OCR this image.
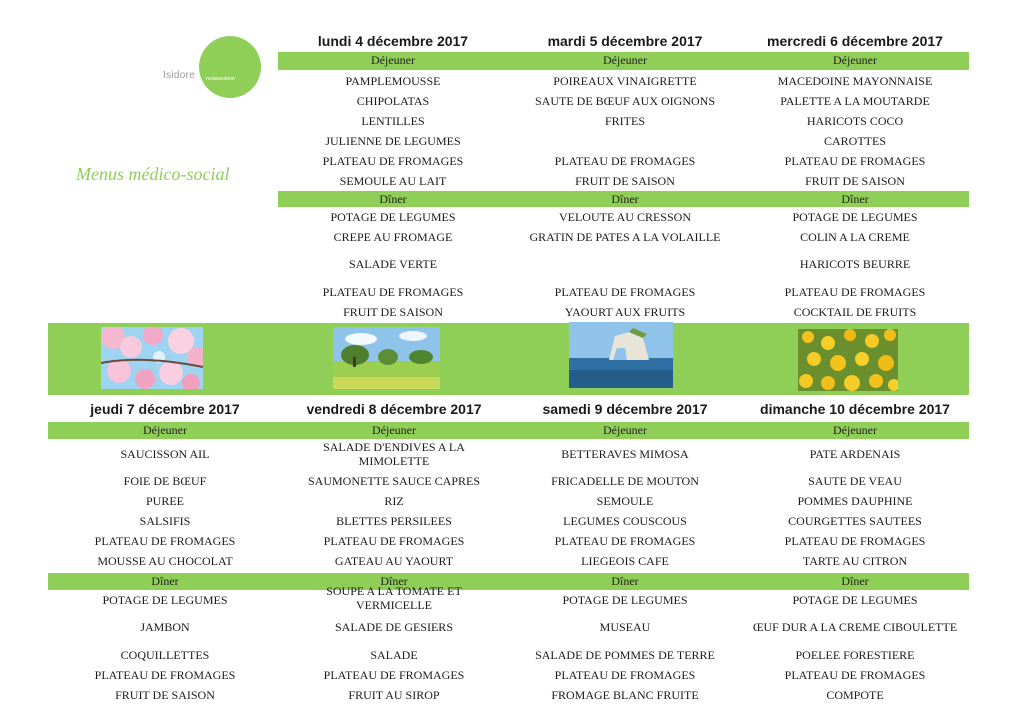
Isidore restauration
Menus médico-social
lundi 4 décembre 2017
Déjeuner
PAMPLEMOUSSE
CHIPOLATAS
LENTILLES
JULIENNE DE LEGUMES
PLATEAU DE FROMAGES
SEMOULE AU LAIT
Dîner
POTAGE DE LEGUMES
CREPE AU FROMAGE
SALADE VERTE
PLATEAU DE FROMAGES
FRUIT DE SAISON
mardi 5 décembre 2017
Déjeuner
POIREAUX VINAIGRETTE
SAUTE DE BŒUF AUX OIGNONS
FRITES
PLATEAU DE FROMAGES
FRUIT DE SAISON
Dîner
VELOUTE AU CRESSON
GRATIN DE PATES A LA VOLAILLE
PLATEAU DE FROMAGES
YAOURT AUX FRUITS
mercredi 6 décembre 2017
Déjeuner
MACEDOINE MAYONNAISE
PALETTE A LA MOUTARDE
HARICOTS COCO
CAROTTES
PLATEAU DE FROMAGES
FRUIT DE SAISON
Dîner
POTAGE DE LEGUMES
COLIN A LA CREME
HARICOTS BEURRE
PLATEAU DE FROMAGES
COCKTAIL DE FRUITS
jeudi 7 décembre 2017
Déjeuner
SAUCISSON AIL
FOIE DE BŒUF
PUREE
SALSIFIS
PLATEAU DE FROMAGES
MOUSSE AU CHOCOLAT
Dîner
POTAGE DE LEGUMES
JAMBON
COQUILLETTES
PLATEAU DE FROMAGES
FRUIT DE SAISON
vendredi 8 décembre 2017
Déjeuner
SALADE D'ENDIVES A LA MIMOLETTE
SAUMONETTE SAUCE CAPRES
RIZ
BLETTES PERSILEES
PLATEAU DE FROMAGES
GATEAU AU YAOURT
Dîner
SOUPE A LA TOMATE ET VERMICELLE
SALADE DE GESIERS
SALADE
PLATEAU DE FROMAGES
FRUIT AU SIROP
samedi 9 décembre 2017
Déjeuner
BETTERAVES MIMOSA
FRICADELLE DE MOUTON
SEMOULE
LEGUMES COUSCOUS
PLATEAU DE FROMAGES
LIEGEOIS CAFE
Dîner
POTAGE DE LEGUMES
MUSEAU
SALADE DE POMMES DE TERRE
PLATEAU DE FROMAGES
FROMAGE BLANC FRUITE
dimanche 10 décembre 2017
Déjeuner
PATE ARDENAIS
SAUTE DE VEAU
POMMES DAUPHINE
COURGETTES SAUTEES
PLATEAU DE FROMAGES
TARTE AU CITRON
Dîner
POTAGE DE LEGUMES
ŒUF DUR A LA CREME CIBOULETTE
POELEE FORESTIERE
PLATEAU DE FROMAGES
COMPOTE
